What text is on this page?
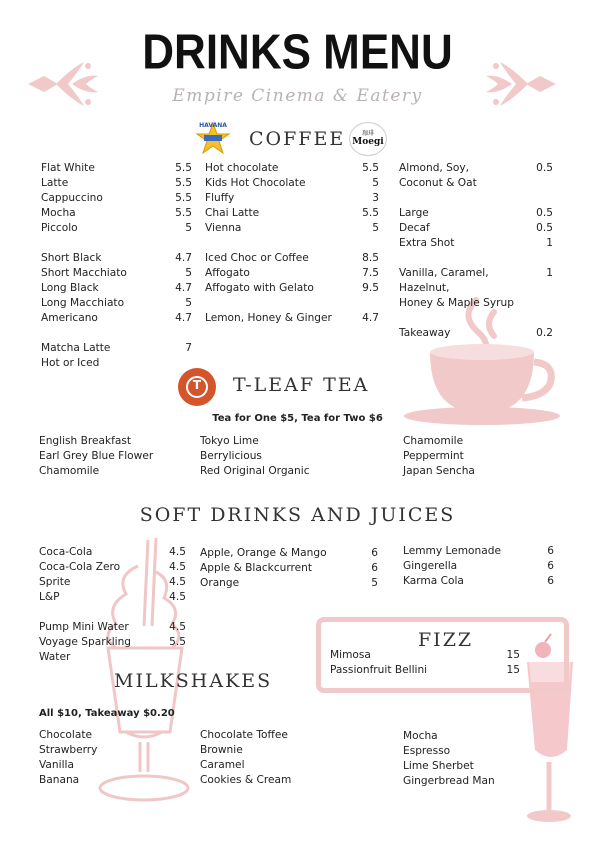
DRINKS MENU
Empire Cinema & Eatery
HAVANA
COFFEE	珈琲
Moegi
Flat White	5.5
Latte	5.5
Cappuccino	5.5
Mocha	5.5
Piccolo	5
Short Black	4.7
Short Macchiato	5
Long Black	4.7
Long Macchiato	5
Americano	4.7
Matcha Latte	7
Hot or Iced
Hot chocolate	5.5
Kids Hot Chocolate	5
Fluffy	3
Chai Latte	5.5
Vienna	5
Iced Choc or Coffee	8.5
Affogato	7.5
Affogato with Gelato	9.5
Lemon, Honey & Ginger	4.7
Almond, Soy,	0.5
Coconut & Oat
Large	0.5
Decaf	0.5
Extra Shot	1
Vanilla, Caramel,	1
Hazelnut,
Honey & Maple Syrup
Takeaway	0.2
T	T-LEAF TEA
Tea for One $5, Tea for Two $6
English Breakfast
Earl Grey Blue Flower
Chamomile
Tokyo Lime
Berrylicious
Red Original Organic
Chamomile
Peppermint
Japan Sencha
SOFT DRINKS AND JUICES
Coca-Cola	4.5
Coca-Cola Zero	4.5
Sprite	4.5
L&P	4.5
Pump Mini Water	4.5
Voyage Sparkling	5.5
Water
Apple, Orange & Mango	6
Apple & Blackcurrent	6
Orange	5
Lemmy Lemonade	6
Gingerella	6
Karma Cola	6
FIZZ
Mimosa	15
Passionfruit Bellini	15
MILKSHAKES
All $10, Takeaway $0.20
Chocolate
Strawberry
Vanilla
Banana
Chocolate Toffee
Brownie
Caramel
Cookies & Cream
Mocha
Espresso
Lime Sherbet
Gingerbread Man
